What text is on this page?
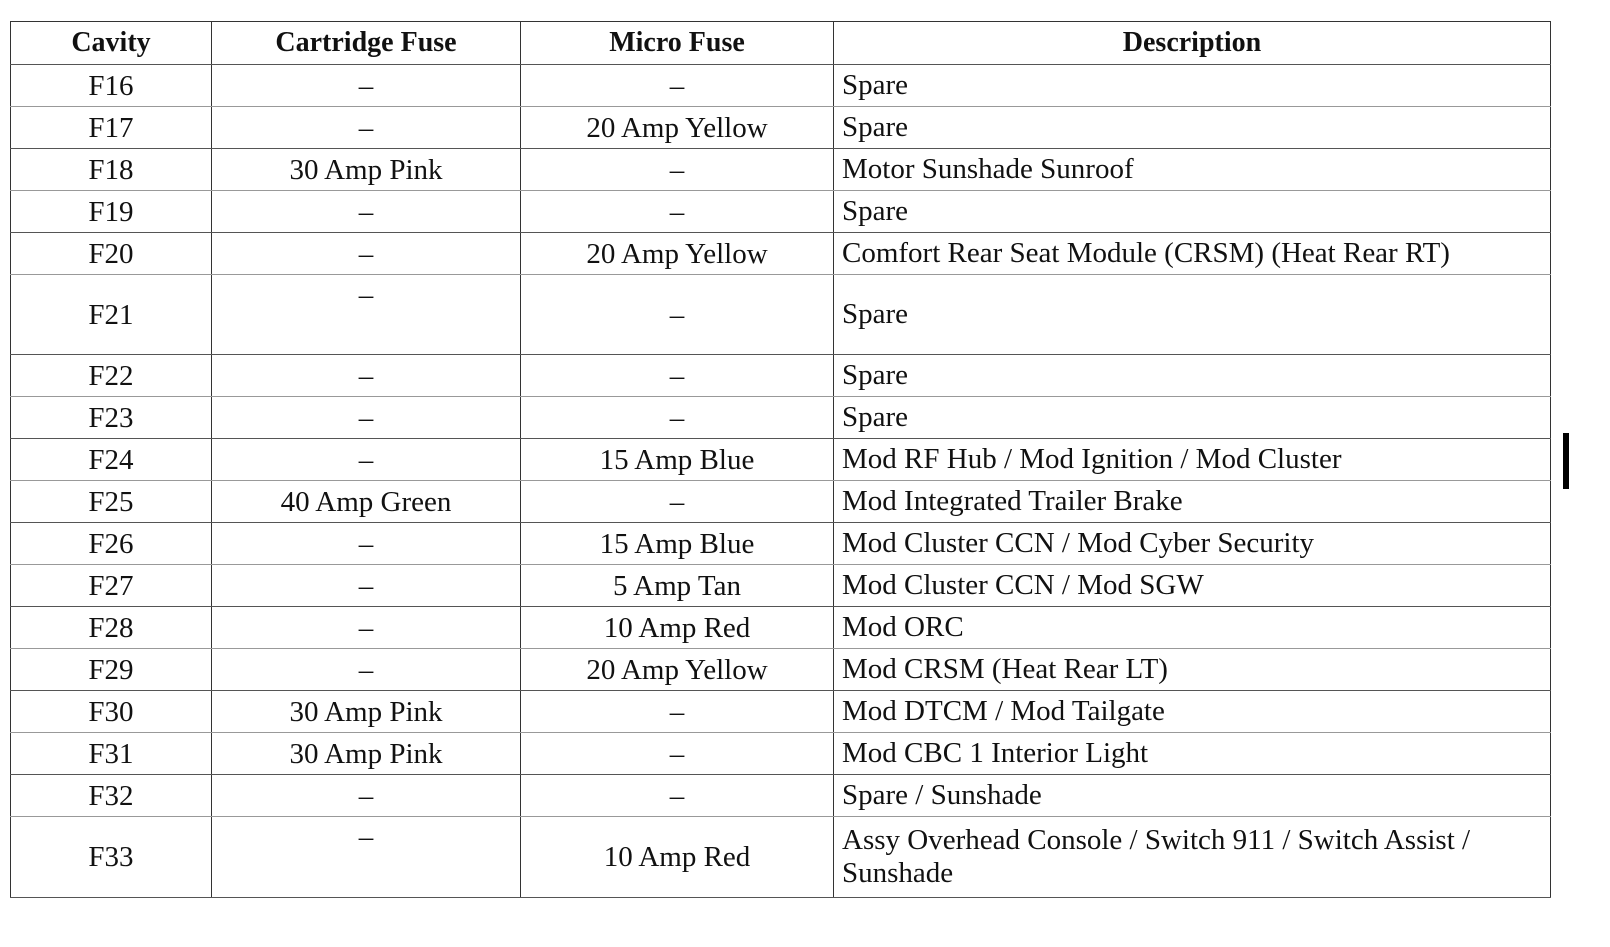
Cavity	Cartridge Fuse	Micro Fuse	Description
F16	–	–	Spare
F17	–	20 Amp Yellow	Spare
F18	30 Amp Pink	–	Motor Sunshade Sunroof
F19	–	–	Spare
F20	–	20 Amp Yellow	Comfort Rear Seat Module (CRSM) (Heat Rear RT)
F21	–	–	Spare
F22	–	–	Spare
F23	–	–	Spare
F24	–	15 Amp Blue	Mod RF Hub / Mod Ignition / Mod Cluster
F25	40 Amp Green	–	Mod Integrated Trailer Brake
F26	–	15 Amp Blue	Mod Cluster CCN / Mod Cyber Security
F27	–	5 Amp Tan	Mod Cluster CCN / Mod SGW
F28	–	10 Amp Red	Mod ORC
F29	–	20 Amp Yellow	Mod CRSM (Heat Rear LT)
F30	30 Amp Pink	–	Mod DTCM / Mod Tailgate
F31	30 Amp Pink	–	Mod CBC 1 Interior Light
F32	–	–	Spare / Sunshade
F33	–	10 Amp Red	Assy Overhead Console / Switch 911 / Switch Assist / Sunshade
